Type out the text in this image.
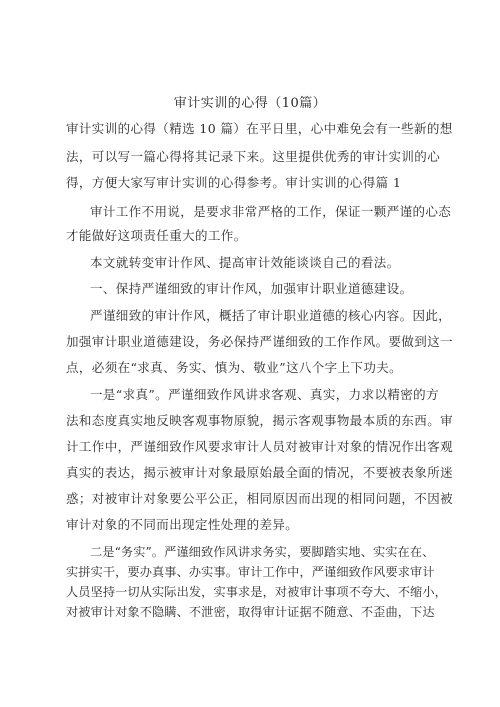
审计实训的心得（10篇）
审计实训的心得（精选 10 篇）在平日里，心中难免会有一些新的想
法，可以写一篇心得将其记录下来。这里提供优秀的审计实训的心
得，方便大家写审计实训的心得参考。审计实训的心得篇 1
审计工作不用说，是要求非常严格的工作，保证一颗严谨的心态
才能做好这项责任重大的工作。
本文就转变审计作风、提高审计效能谈谈自己的看法。
一、保持严谨细致的审计作风，加强审计职业道德建设。
严谨细致的审计作风，概括了审计职业道德的核心内容。因此，
加强审计职业道德建设，务必保持严谨细致的工作作风。要做到这一
点，必须在“求真、务实、慎为、敬业”这八个字上下功夫。
一是“求真”。严谨细致作风讲求客观、真实，力求以精密的方
法和态度真实地反映客观事物原貌，揭示客观事物最本质的东西。审
计工作中，严谨细致作风要求审计人员对被审计对象的情况作出客观
真实的表达，揭示被审计对象最原始最全面的情况，不要被表象所迷
惑；对被审计对象要公平公正，相同原因而出现的相同问题，不因被
审计对象的不同而出现定性处理的差异。
二是“务实”。严谨细致作风讲求务实，要脚踏实地、实实在在、
实拼实干，要办真事、办实事。审计工作中，严谨细致作风要求审计
人员坚持一切从实际出发，实事求是，对被审计事项不夸大、不缩小，
对被审计对象不隐瞒、不泄密，取得审计证据不随意、不歪曲，下达
